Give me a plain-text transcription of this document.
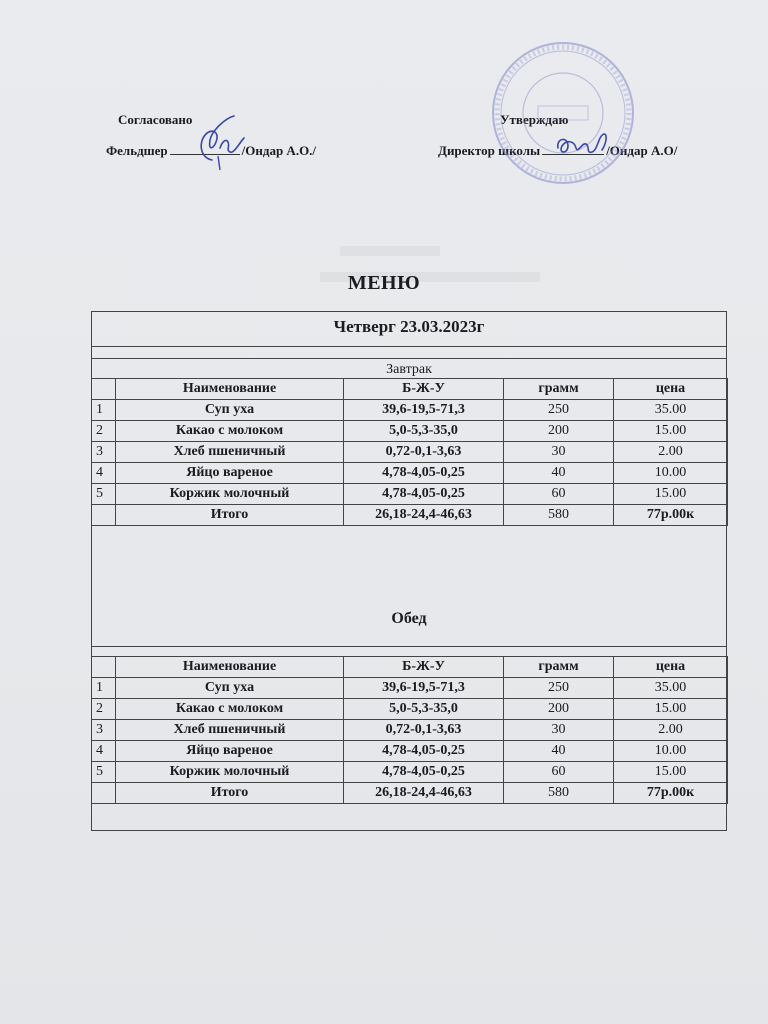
Согласовано
Фельдшер	/Ондар А.О./
Утверждаю
Директор школы	/Ондар А.О/
МЕНЮ
Четверг 23.03.2023г
Завтрак
	Наименование	Б-Ж-У	грамм	цена
1	Суп уха	39,6-19,5-71,3	250	35.00
2	Какао с молоком	5,0-5,3-35,0	200	15.00
3	Хлеб пшеничный	0,72-0,1-3,63	30	2.00
4	Яйцо вареное	4,78-4,05-0,25	40	10.00
5	Коржик молочный	4,78-4,05-0,25	60	15.00
	Итого	26,18-24,4-46,63	580	77р.00к
Обед
	Наименование	Б-Ж-У	грамм	цена
1	Суп уха	39,6-19,5-71,3	250	35.00
2	Какао с молоком	5,0-5,3-35,0	200	15.00
3	Хлеб пшеничный	0,72-0,1-3,63	30	2.00
4	Яйцо вареное	4,78-4,05-0,25	40	10.00
5	Коржик молочный	4,78-4,05-0,25	60	15.00
	Итого	26,18-24,4-46,63	580	77р.00к
